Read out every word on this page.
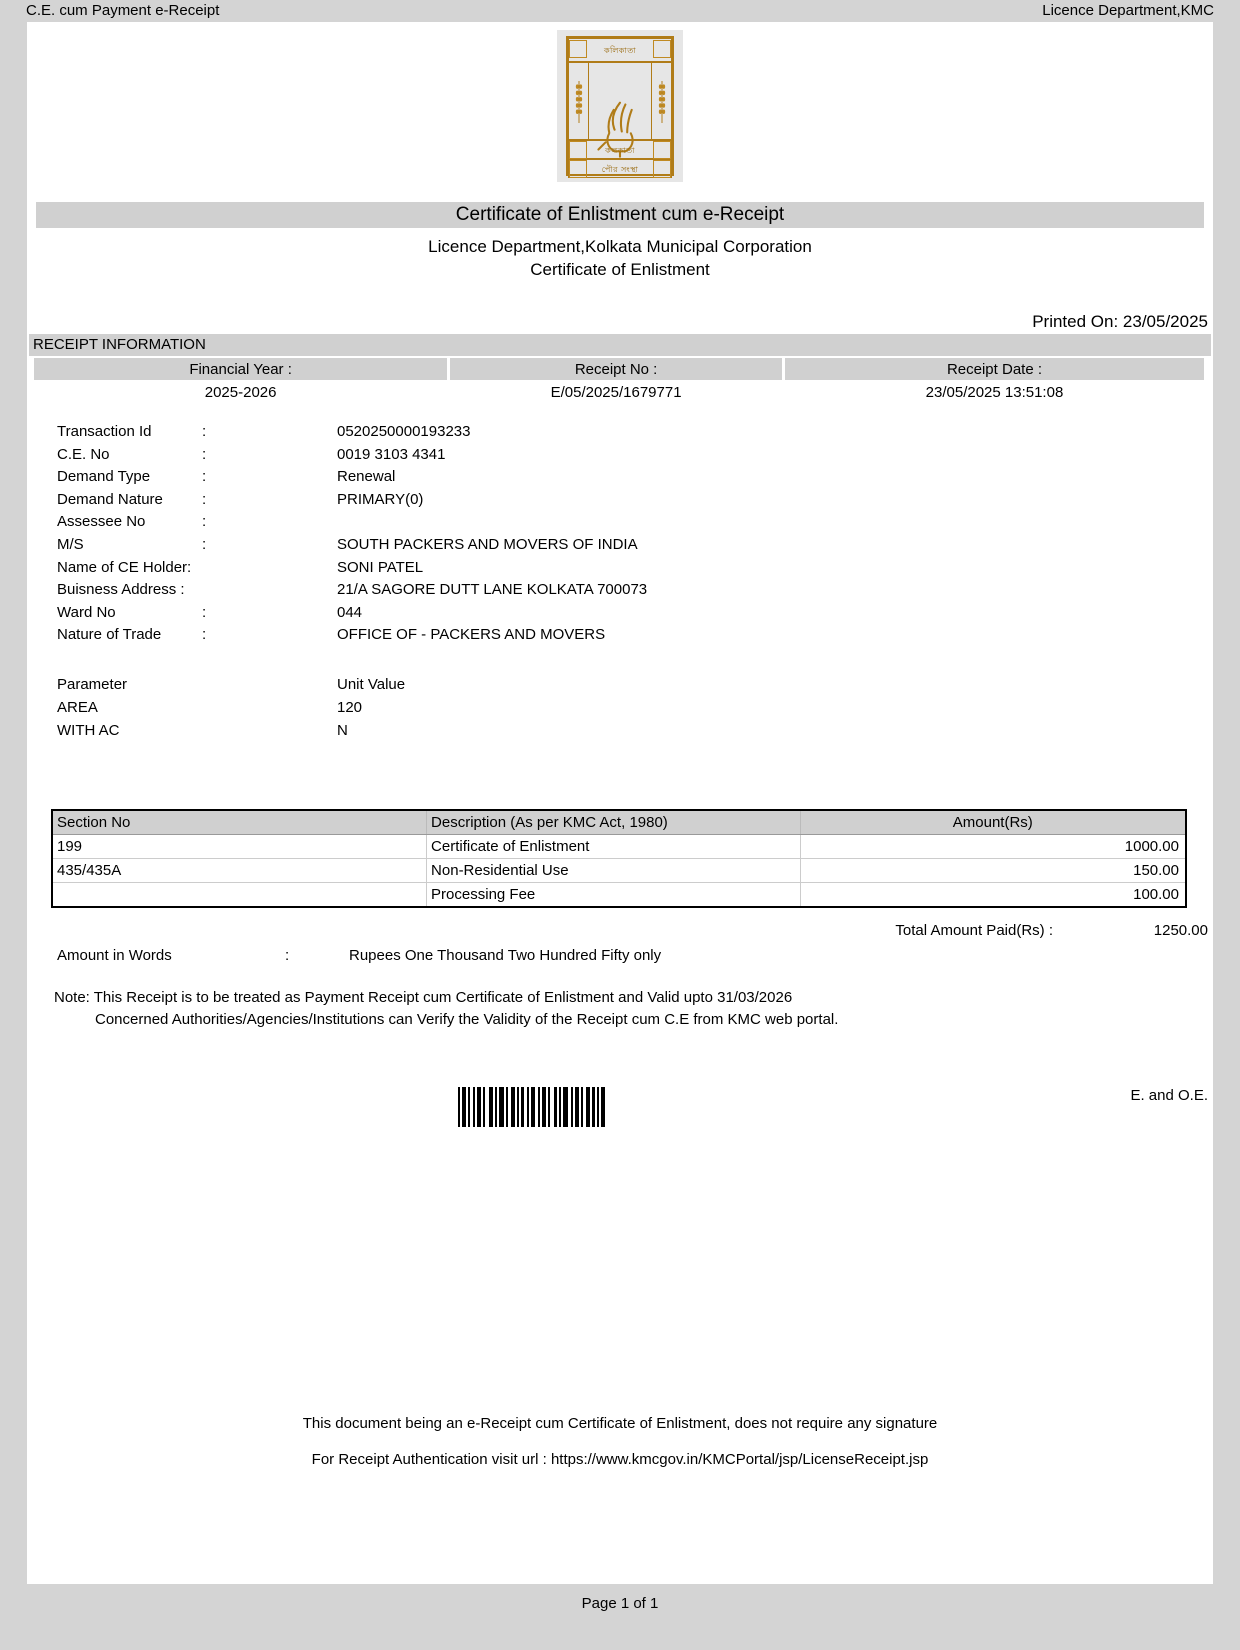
C.E. cum Payment e-Receipt	Licence Department,KMC
কলিকাতা
কলকাতা
পৌর সংস্থা
Certificate of Enlistment cum e-Receipt
Licence Department,Kolkata Municipal Corporation
Certificate of Enlistment
Printed On: 23/05/2025
RECEIPT INFORMATION
Financial Year :	Receipt No :	Receipt Date :
2025-2026	E/05/2025/1679771	23/05/2025 13:51:08
Transaction Id	:	0520250000193233
C.E. No	:	0019 3103 4341
Demand Type	:	Renewal
Demand Nature	:	PRIMARY(0)
Assessee No	:
M/S	:	SOUTH PACKERS AND MOVERS OF INDIA
Name of CE Holder:	SONI PATEL
Buisness Address :	21/A SAGORE DUTT LANE KOLKATA 700073
Ward No	:	044
Nature of Trade	:	OFFICE OF - PACKERS AND MOVERS
Parameter	Unit Value
AREA	120
WITH AC	N
Section No	Description (As per KMC Act, 1980)	Amount(Rs)
199	Certificate of Enlistment	1000.00
435/435A	Non-Residential Use	150.00
	Processing Fee	100.00
Total Amount Paid(Rs) :	1250.00
Amount in Words	:	Rupees One Thousand Two Hundred Fifty only
Note: This Receipt is to be treated as Payment Receipt cum Certificate of Enlistment and Valid upto 31/03/2026
Concerned Authorities/Agencies/Institutions can Verify the Validity of the Receipt cum C.E from KMC web portal.
E. and O.E.
This document being an e-Receipt cum Certificate of Enlistment, does not require any signature
For Receipt Authentication visit url : https://www.kmcgov.in/KMCPortal/jsp/LicenseReceipt.jsp
Page 1 of 1
